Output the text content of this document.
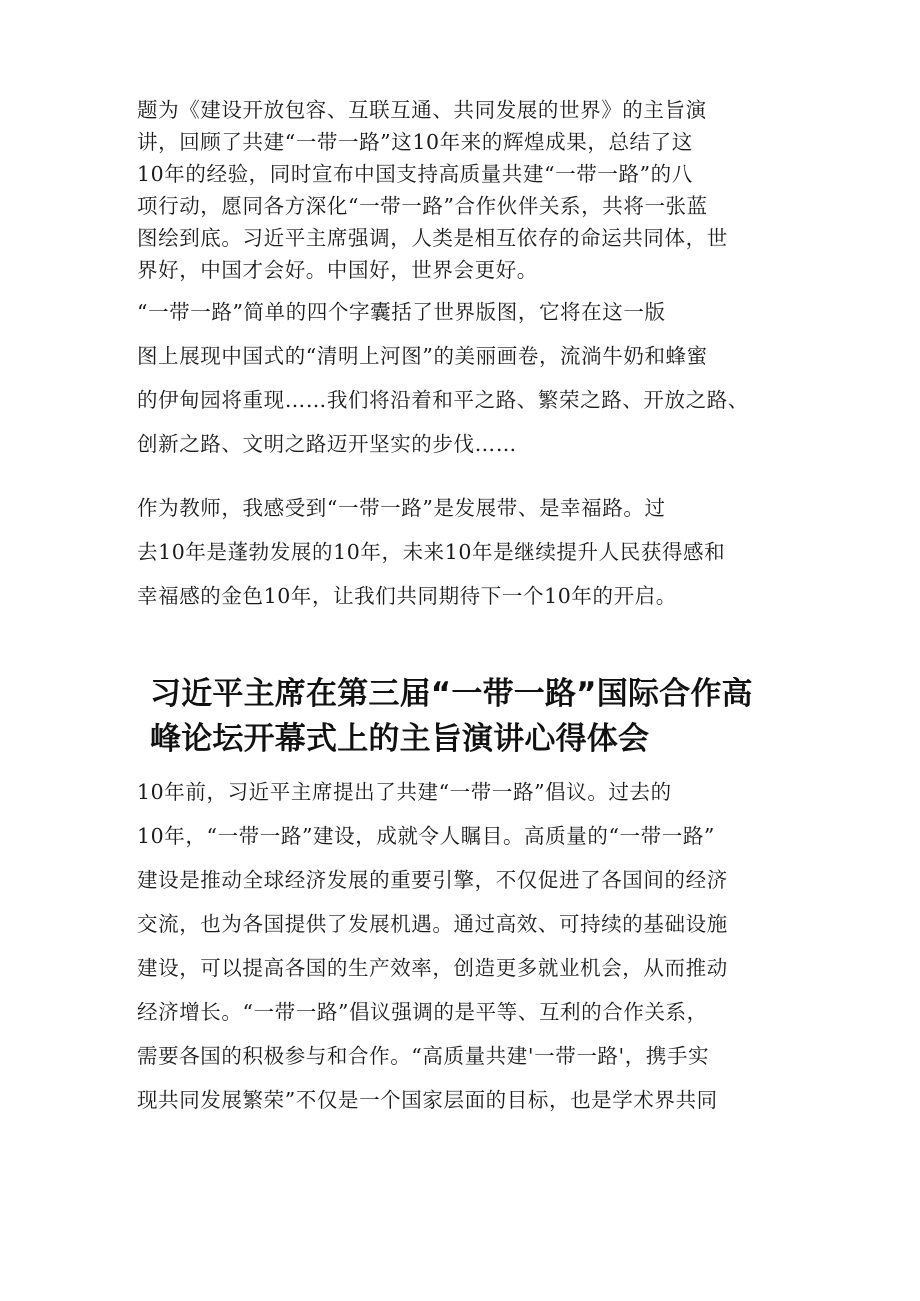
题为《建设开放包容、互联互通、共同发展的世界》的主旨演
讲，回顾了共建“一带一路”这10年来的辉煌成果，总结了这
10年的经验，同时宣布中国支持高质量共建“一带一路”的八
项行动，愿同各方深化“一带一路”合作伙伴关系，共将一张蓝
图绘到底。习近平主席强调，人类是相互依存的命运共同体，世
界好，中国才会好。中国好，世界会更好。

“一带一路”简单的四个字囊括了世界版图，它将在这一版
图上展现中国式的“清明上河图”的美丽画卷，流淌牛奶和蜂蜜
的伊甸园将重现……我们将沿着和平之路、繁荣之路、开放之路、
创新之路、文明之路迈开坚实的步伐……

作为教师，我感受到“一带一路”是发展带、是幸福路。过
去10年是蓬勃发展的10年，未来10年是继续提升人民获得感和
幸福感的金色10年，让我们共同期待下一个10年的开启。

习近平主席在第三届“一带一路”国际合作高
峰论坛开幕式上的主旨演讲心得体会

10年前，习近平主席提出了共建“一带一路”倡议。过去的
10年，“一带一路”建设，成就令人瞩目。高质量的“一带一路”
建设是推动全球经济发展的重要引擎，不仅促进了各国间的经济
交流，也为各国提供了发展机遇。通过高效、可持续的基础设施
建设，可以提高各国的生产效率，创造更多就业机会，从而推动
经济增长。“一带一路”倡议强调的是平等、互利的合作关系，
需要各国的积极参与和合作。“高质量共建'一带一路'，携手实
现共同发展繁荣”不仅是一个国家层面的目标，也是学术界共同
